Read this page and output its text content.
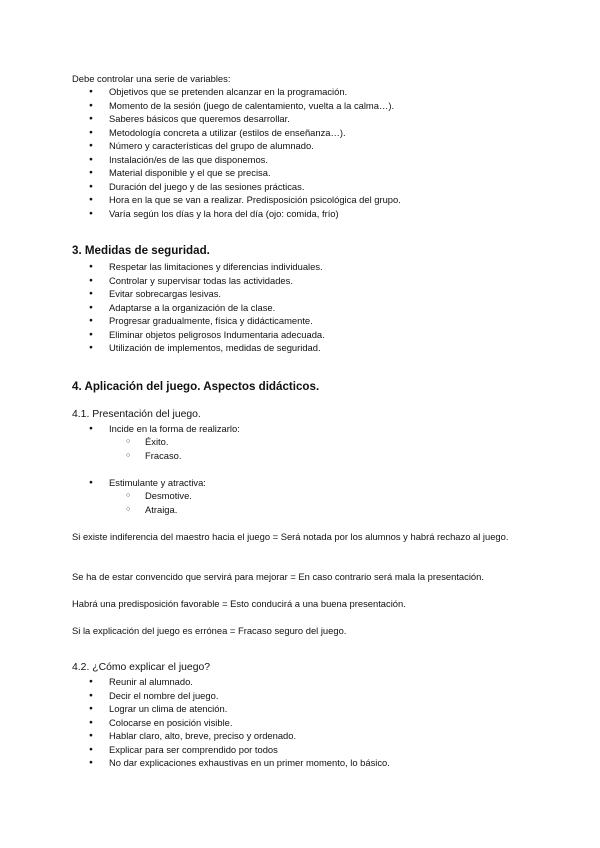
Debe controlar una serie de variables:
● Objetivos que se pretenden alcanzar en la programación.
● Momento de la sesión (juego de calentamiento, vuelta a la calma…).
● Saberes básicos que queremos desarrollar.
● Metodología concreta a utilizar (estilos de enseñanza…).
● Número y características del grupo de alumnado.
● Instalación/es de las que disponemos.
● Material disponible y el que se precisa.
● Duración del juego y de las sesiones prácticas.
● Hora en la que se van a realizar. Predisposición psicológica del grupo.
● Varía según los días y la hora del día (ojo: comida, frío)
3. Medidas de seguridad.
● Respetar las limitaciones y diferencias individuales.
● Controlar y supervisar todas las actividades.
● Evitar sobrecargas lesivas.
● Adaptarse a la organización de la clase.
● Progresar gradualmente, física y didácticamente.
● Eliminar objetos peligrosos Indumentaria adecuada.
● Utilización de implementos, medidas de seguridad.
4. Aplicación del juego. Aspectos didácticos.
4.1. Presentación del juego.
● Incide en la forma de realizarlo:
○ Éxito.
○ Fracaso.
● Estimulante y atractiva:
○ Desmotive.
○ Atraiga.
Si existe indiferencia del maestro hacia el juego = Será notada por los alumnos y habrá rechazo al juego.
Se ha de estar convencido que servirá para mejorar = En caso contrario será mala la presentación.
Habrá una predisposición favorable = Esto conducirá a una buena presentación.
Si la explicación del juego es errónea = Fracaso seguro del juego.
4.2. ¿Cómo explicar el juego?
● Reunir al alumnado.
● Decir el nombre del juego.
● Lograr un clima de atención.
● Colocarse en posición visible.
● Hablar claro, alto, breve, preciso y ordenado.
● Explicar para ser comprendido por todos
● No dar explicaciones exhaustivas en un primer momento, lo básico.
